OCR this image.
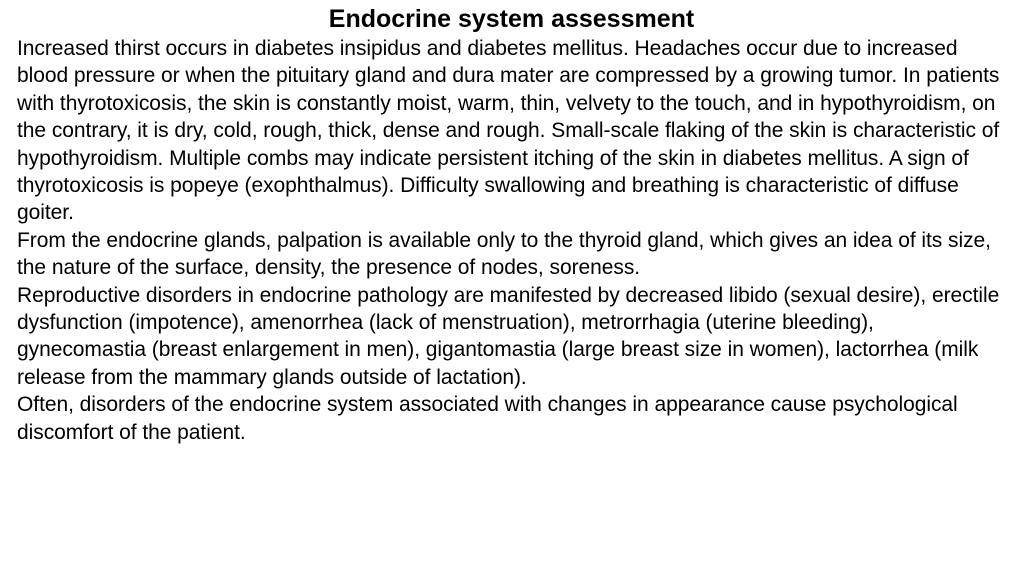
Endocrine system assessment

Increased thirst occurs in diabetes insipidus and diabetes mellitus. Headaches occur due to increased blood pressure or when the pituitary gland and dura mater are compressed by a growing tumor. In patients with thyrotoxicosis, the skin is constantly moist, warm, thin, velvety to the touch, and in hypothyroidism, on the contrary, it is dry, cold, rough, thick, dense and rough. Small-scale flaking of the skin is characteristic of hypothyroidism. Multiple combs may indicate persistent itching of the skin in diabetes mellitus. A sign of thyrotoxicosis is popeye (exophthalmus). Difficulty swallowing and breathing is characteristic of diffuse goiter.

From the endocrine glands, palpation is available only to the thyroid gland, which gives an idea of its size, the nature of the surface, density, the presence of nodes, soreness.

Reproductive disorders in endocrine pathology are manifested by decreased libido (sexual desire), erectile dysfunction (impotence), amenorrhea (lack of menstruation), metrorrhagia (uterine bleeding), gynecomastia (breast enlargement in men), gigantomastia (large breast size in women), lactorrhea (milk release from the mammary glands outside of lactation).

Often, disorders of the endocrine system associated with changes in appearance cause psychological discomfort of the patient.
